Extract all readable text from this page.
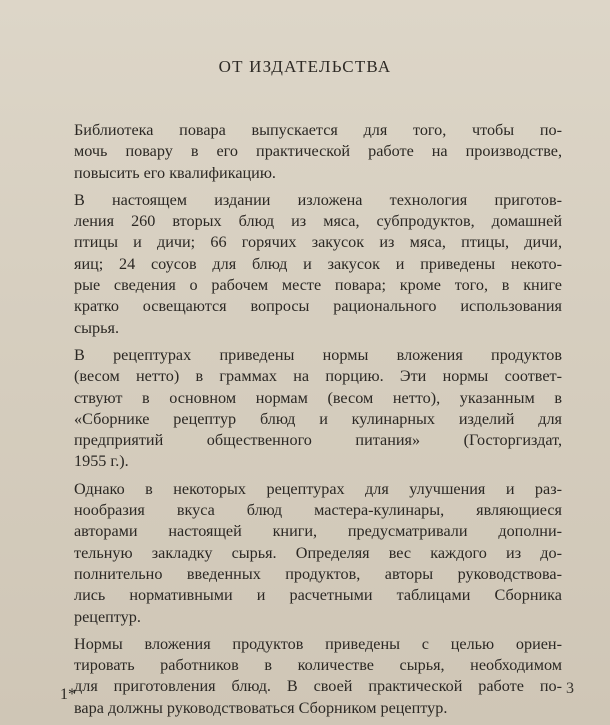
ОТ ИЗДАТЕЛЬСТВА
Библиотека повара выпускается для того, чтобы по-
мочь повару в его практической работе на производстве,
повысить его квалификацию.
В настоящем издании изложена технология приготов-
ления 260 вторых блюд из мяса, субпродуктов, домашней
птицы и дичи; 66 горячих закусок из мяса, птицы, дичи,
яиц; 24 соусов для блюд и закусок и приведены некото-
рые сведения о рабочем месте повара; кроме того, в книге
кратко освещаются вопросы рационального использования
сырья.
В рецептурах приведены нормы вложения продуктов
(весом нетто) в граммах на порцию. Эти нормы соответ-
ствуют в основном нормам (весом нетто), указанным в
«Сборнике рецептур блюд и кулинарных изделий для
предприятий общественного питания» (Госторгиздат,
1955 г.).
Однако в некоторых рецептурах для улучшения и раз-
нообразия вкуса блюд мастера-кулинары, являющиеся
авторами настоящей книги, предусматривали дополни-
тельную закладку сырья. Определяя вес каждого из до-
полнительно введенных продуктов, авторы руководствова-
лись нормативными и расчетными таблицами Сборника
рецептур.
Нормы вложения продуктов приведены с целью ориен-
тировать работников в количестве сырья, необходимом
для приготовления блюд. В своей практической работе по-
вара должны руководствоваться Сборником рецептур.
1*	3
